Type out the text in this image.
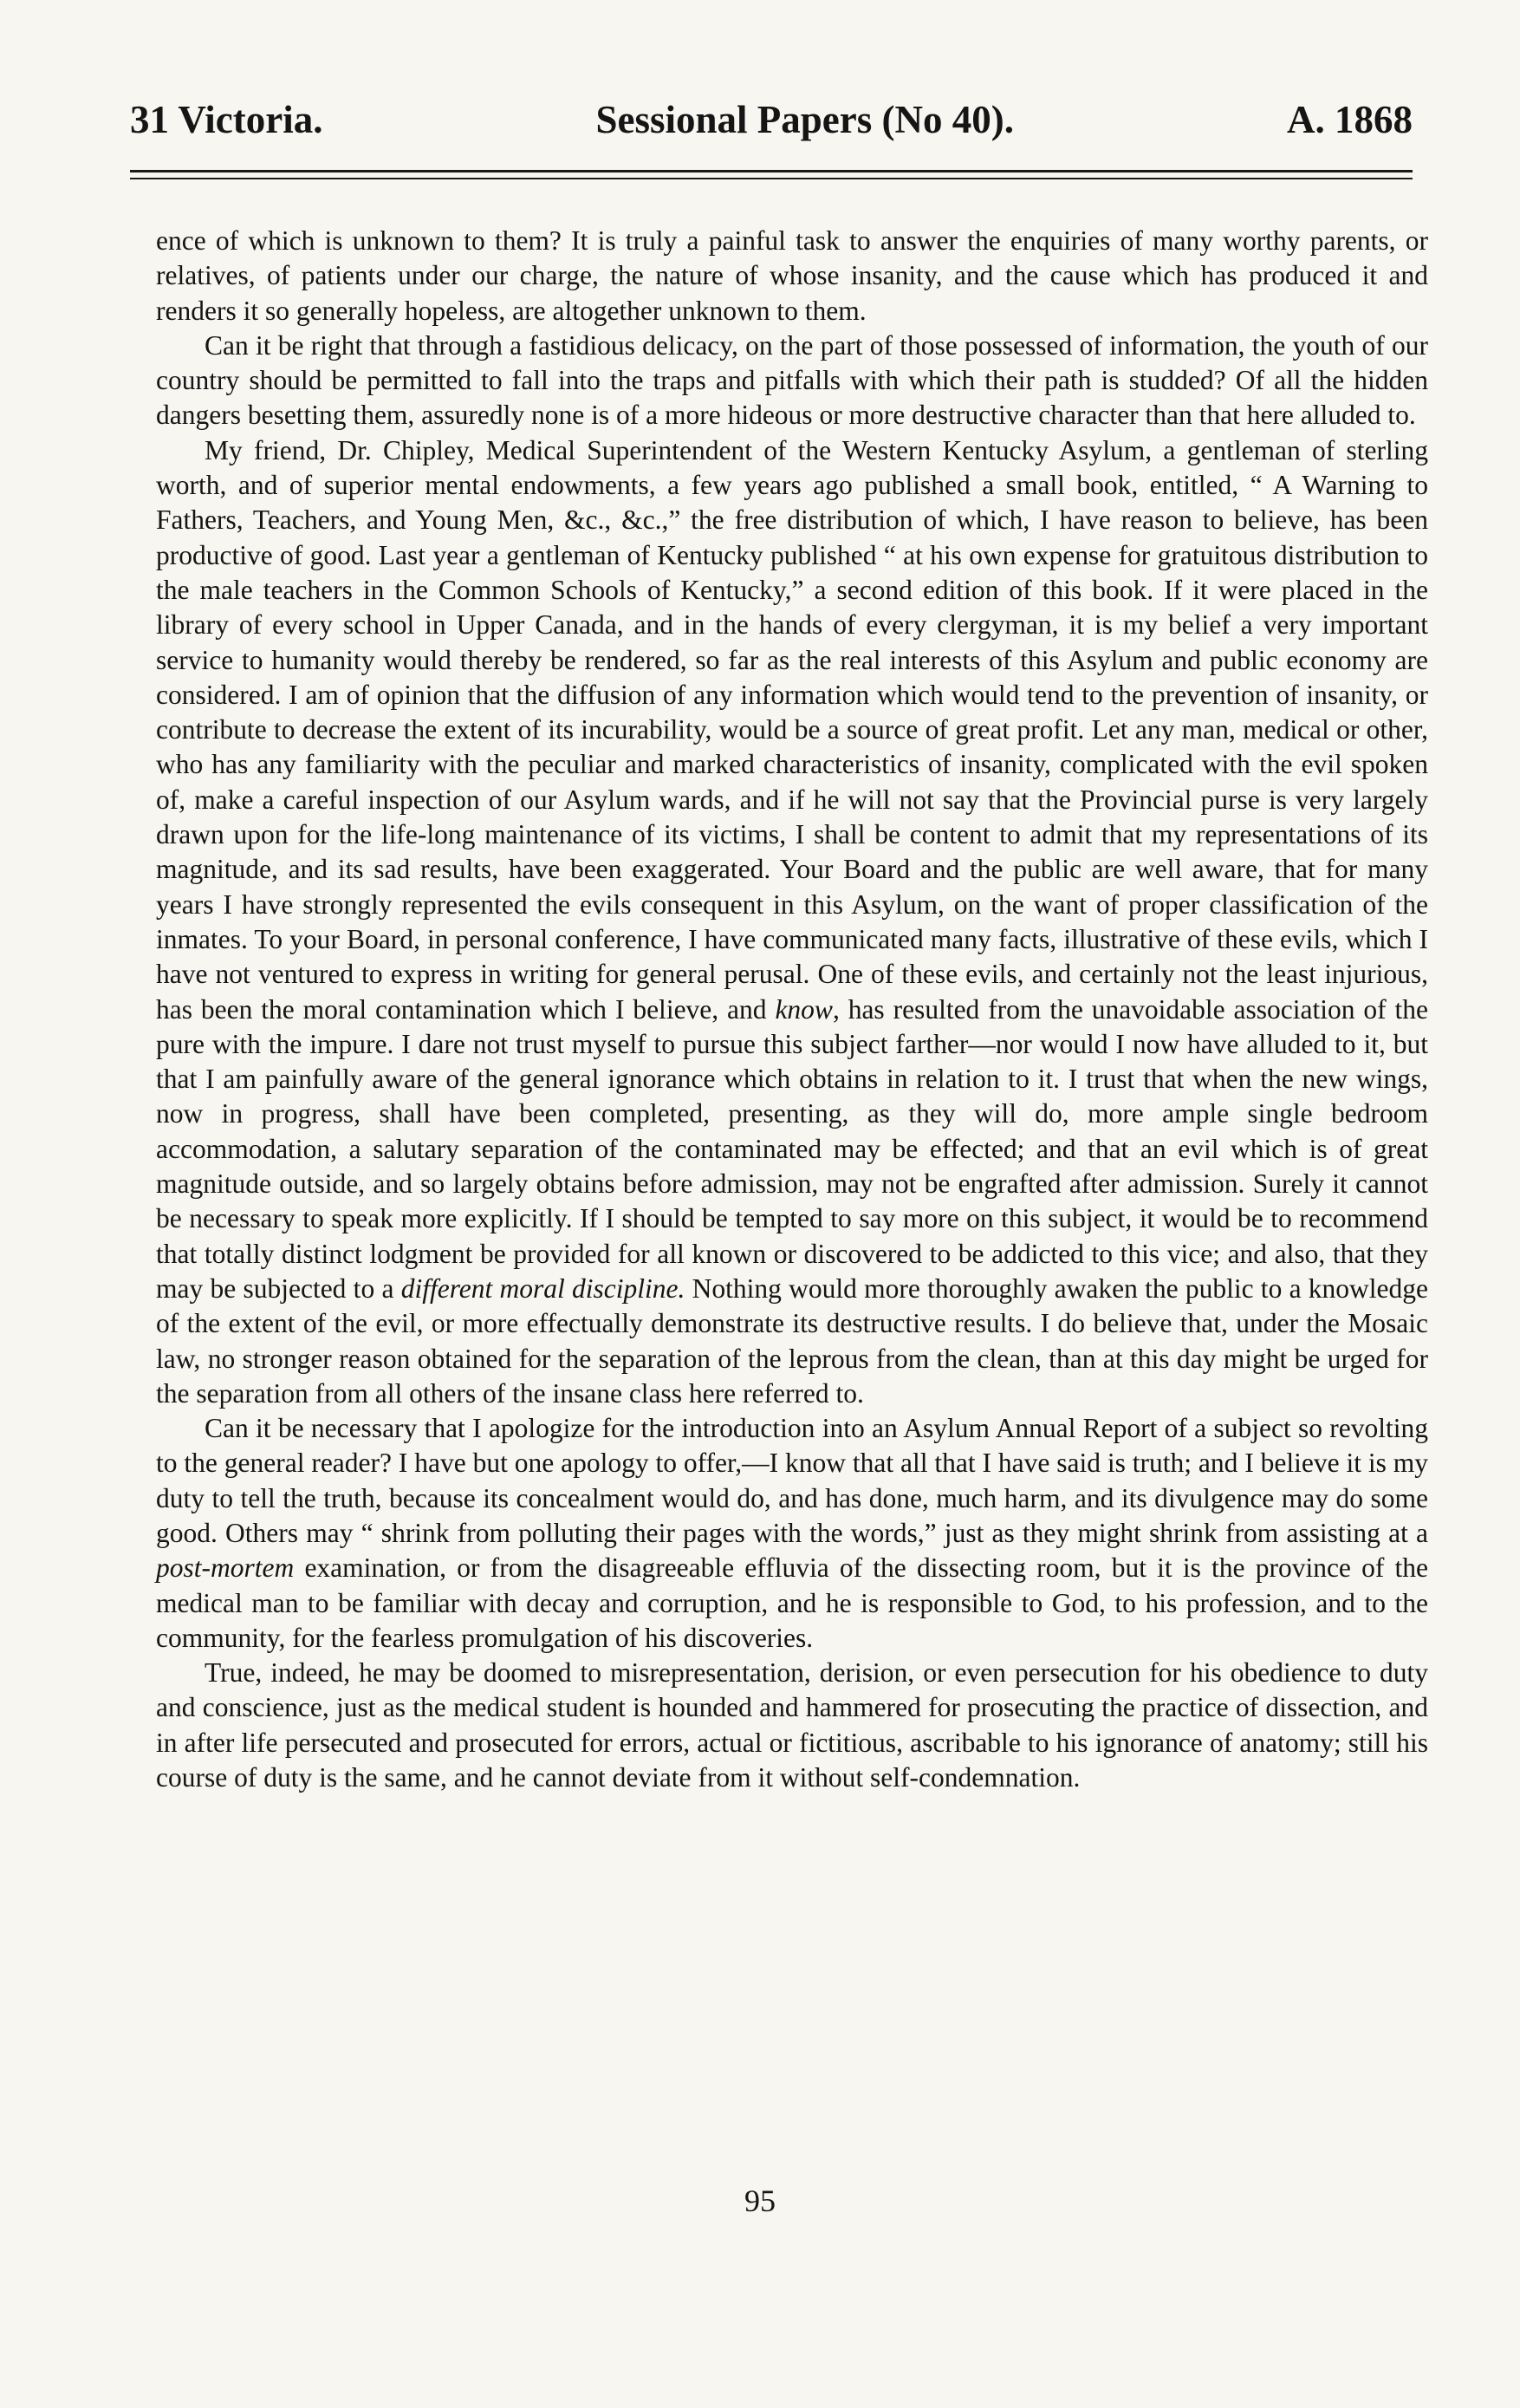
31 Victoria.	Sessional Papers (No 40).	A. 1868

ence of which is unknown to them? It is truly a painful task to answer the enquiries of many worthy parents, or relatives, of patients under our charge, the nature of whose insanity, and the cause which has produced it and renders it so generally hopeless, are altogether unknown to them.

Can it be right that through a fastidious delicacy, on the part of those possessed of information, the youth of our country should be permitted to fall into the traps and pitfalls with which their path is studded? Of all the hidden dangers besetting them, assuredly none is of a more hideous or more destructive character than that here alluded to.

My friend, Dr. Chipley, Medical Superintendent of the Western Kentucky Asylum, a gentleman of sterling worth, and of superior mental endowments, a few years ago published a small book, entitled, “ A Warning to Fathers, Teachers, and Young Men, &c., &c.,” the free distribution of which, I have reason to believe, has been productive of good. Last year a gentleman of Kentucky published “ at his own expense for gratuitous distribution to the male teachers in the Common Schools of Kentucky,” a second edition of this book. If it were placed in the library of every school in Upper Canada, and in the hands of every clergyman, it is my belief a very important service to humanity would thereby be rendered, so far as the real interests of this Asylum and public economy are considered. I am of opinion that the diffusion of any information which would tend to the prevention of insanity, or contribute to decrease the extent of its incurability, would be a source of great profit. Let any man, medical or other, who has any familiarity with the peculiar and marked characteristics of insanity, complicated with the evil spoken of, make a careful inspection of our Asylum wards, and if he will not say that the Provincial purse is very largely drawn upon for the life-long maintenance of its victims, I shall be content to admit that my representations of its magnitude, and its sad results, have been exaggerated. Your Board and the public are well aware, that for many years I have strongly represented the evils consequent in this Asylum, on the want of proper classification of the inmates. To your Board, in personal conference, I have communicated many facts, illustrative of these evils, which I have not ventured to express in writing for general perusal. One of these evils, and certainly not the least injurious, has been the moral contamination which I believe, and know, has resulted from the unavoidable association of the pure with the impure. I dare not trust myself to pursue this subject farther—nor would I now have alluded to it, but that I am painfully aware of the general ignorance which obtains in relation to it. I trust that when the new wings, now in progress, shall have been completed, presenting, as they will do, more ample single bedroom accommodation, a salutary separation of the contaminated may be effected; and that an evil which is of great magnitude outside, and so largely obtains before admission, may not be engrafted after admission. Surely it cannot be necessary to speak more explicitly. If I should be tempted to say more on this subject, it would be to recommend that totally distinct lodgment be provided for all known or discovered to be addicted to this vice; and also, that they may be subjected to a different moral discipline. Nothing would more thoroughly awaken the public to a knowledge of the extent of the evil, or more effectually demonstrate its destructive results. I do believe that, under the Mosaic law, no stronger reason obtained for the separation of the leprous from the clean, than at this day might be urged for the separation from all others of the insane class here referred to.

Can it be necessary that I apologize for the introduction into an Asylum Annual Report of a subject so revolting to the general reader? I have but one apology to offer,—I know that all that I have said is truth; and I believe it is my duty to tell the truth, because its concealment would do, and has done, much harm, and its divulgence may do some good. Others may “ shrink from polluting their pages with the words,” just as they might shrink from assisting at a post-mortem examination, or from the disagreeable effluvia of the dissecting room, but it is the province of the medical man to be familiar with decay and corruption, and he is responsible to God, to his profession, and to the community, for the fearless promulgation of his discoveries.

True, indeed, he may be doomed to misrepresentation, derision, or even persecution for his obedience to duty and conscience, just as the medical student is hounded and hammered for prosecuting the practice of dissection, and in after life persecuted and prosecuted for errors, actual or fictitious, ascribable to his ignorance of anatomy; still his course of duty is the same, and he cannot deviate from it without self-condemnation.

95
